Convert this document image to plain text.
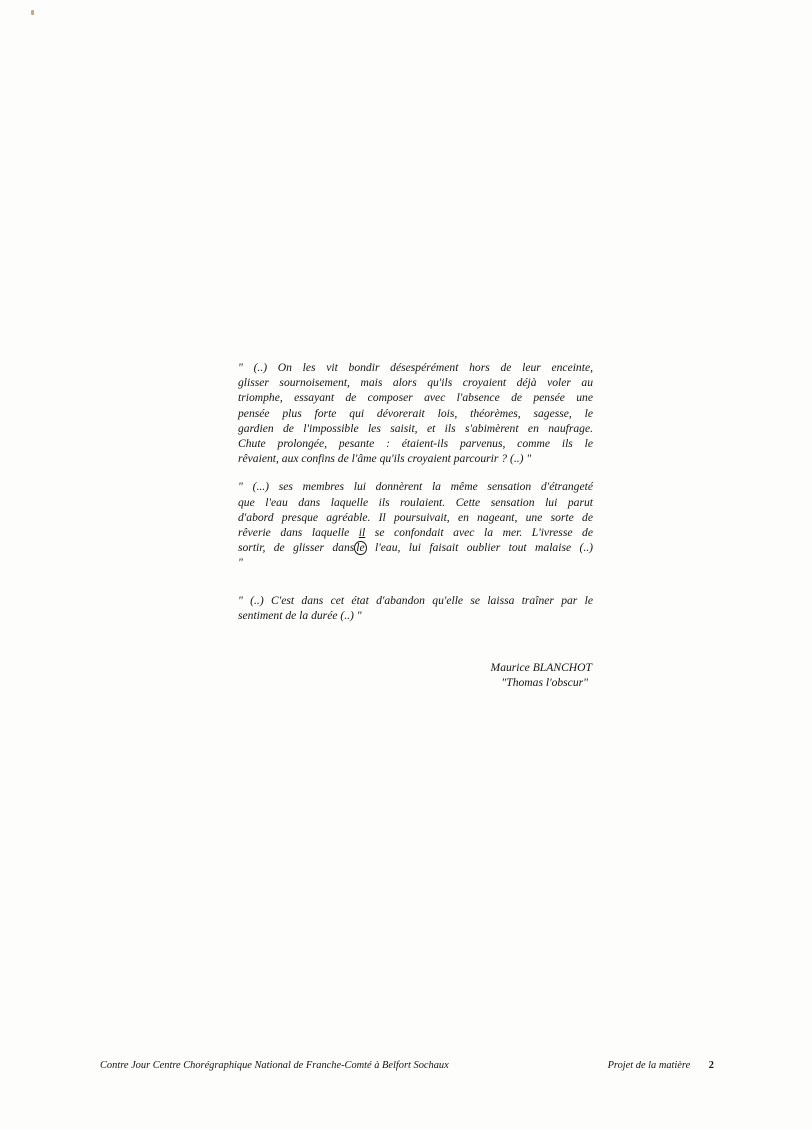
" (..) On les vit bondir désespérément hors de leur enceinte,
glisser sournoisement, mais alors qu'ils croyaient déjà voler au
triomphe, essayant de composer avec l'absence de pensée une
pensée plus forte qui dévorerait lois, théorèmes, sagesse, le
gardien de l'impossible les saisit, et ils s'abimèrent en naufrage.
Chute prolongée, pesante : étaient-ils parvenus, comme ils le
rêvaient, aux confins de l'âme qu'ils croyaient parcourir ? (..) "

" (...) ses membres lui donnèrent la même sensation d'étrangeté
que l'eau dans laquelle ils roulaient. Cette sensation lui parut
d'abord presque agréable. Il poursuivait, en nageant, une sorte de
rêverie dans laquelle il se confondait avec la mer. L'ivresse de
sortir, de glisser dans le l'eau, lui faisait oublier tout malaise (..)
"

" (..) C'est dans cet état d'abandon qu'elle se laissa traîner par le
sentiment de la durée (..) "

Maurice BLANCHOT
"Thomas l'obscur"
Contre Jour Centre Chorégraphique National de Franche-Comté à Belfort Sochaux	Projet de la matière 2
